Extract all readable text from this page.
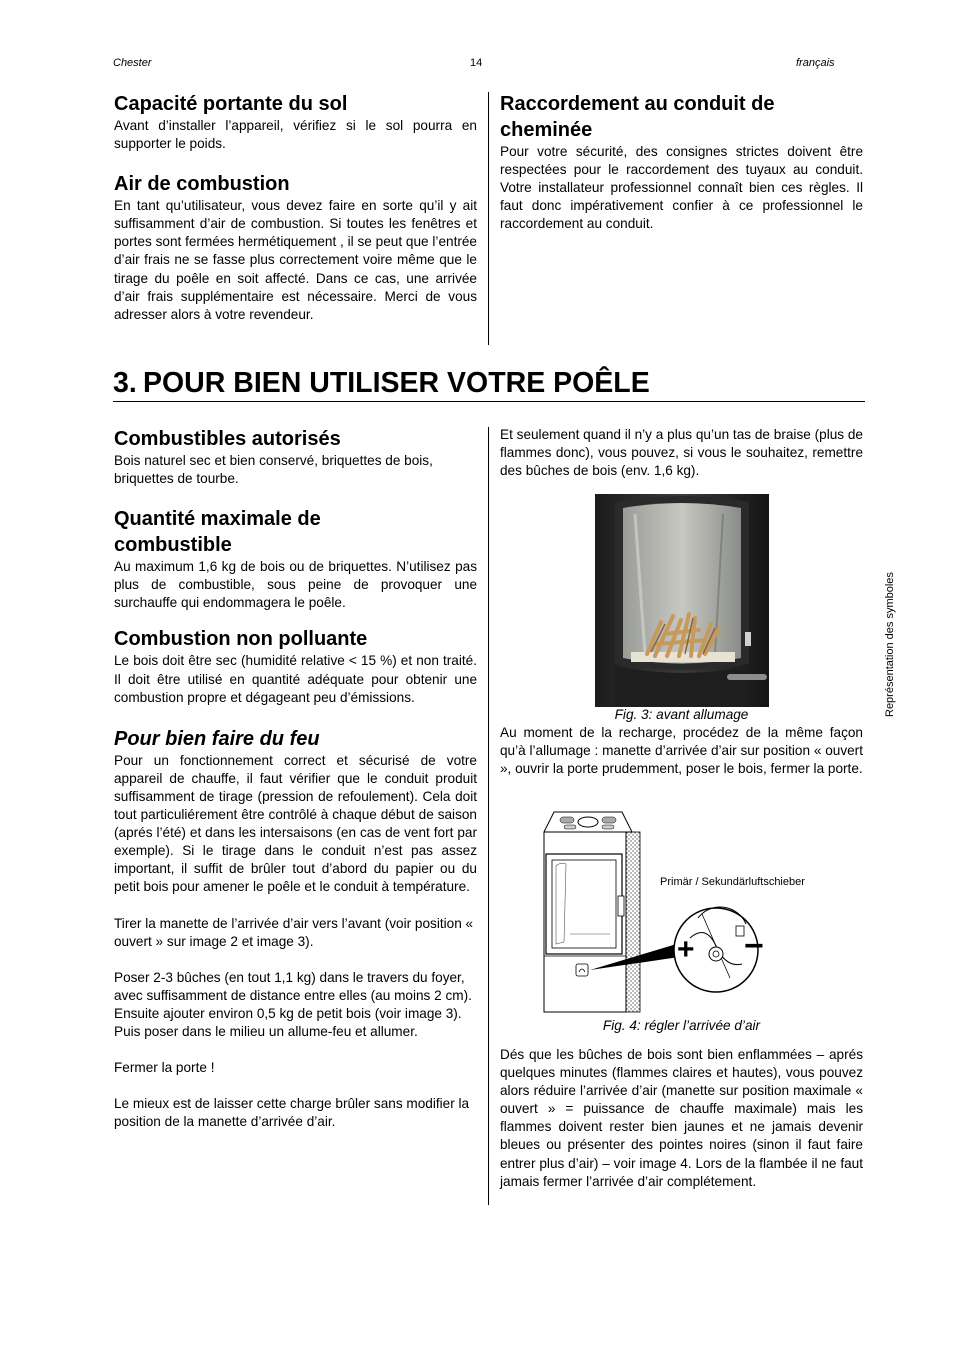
Chester	14	français
Représentation des symboles
Capacité portante du sol

Avant d’installer l’appareil, vérifiez si le sol pourra en supporter le poids.

Air de combustion

En tant qu’utilisateur, vous devez faire en sorte qu’il y ait suffisamment d’air de combustion. Si toutes les fenêtres et portes sont fermées hermétiquement , il se peut que l’entrée d’air frais ne se fasse plus correctement voire même que le tirage du poêle en soit affecté. Dans ce cas, une arrivée d’air frais supplémentaire est nécessaire. Merci de vous adresser alors à votre revendeur.

Raccordement au conduit de cheminée

Pour votre sécurité, des consignes strictes doivent être respectées pour le raccordement des tuyaux au conduit. Votre installateur professionnel connaît bien ces règles. Il faut donc impérativement confier à ce professionnel le raccordement au conduit.

3. POUR BIEN UTILISER VOTRE POÊLE
Combustibles autorisés

Bois naturel sec et bien conservé, briquettes de bois, briquettes de tourbe.

Quantité maximale de combustible

Au maximum 1,6 kg de bois ou de briquettes. N’utilisez pas plus de combustible, sous peine de provoquer une surchauffe qui endommagera le poêle.

Combustion non polluante

Le bois doit être sec (humidité relative < 15 %) et non traité. Il doit être utilisé en quantité adéquate pour obtenir une combustion propre et dégageant peu d’émissions.

Pour bien faire du feu

Pour un fonctionnement correct et sécurisé de votre appareil de chauffe, il faut vérifier que le conduit produit suffisamment de tirage (pression de refoulement). Cela doit tout particuliérement être contrôlé à chaque début de saison (aprés l’été) et dans les intersaisons (en cas de vent fort par exemple). Si le tirage dans le conduit n’est pas assez important, il suffit de brûler tout d’abord du papier ou du petit bois pour amener le poêle et le conduit à température.

Tirer la manette de l’arrivée d’air vers l’avant (voir position « ouvert » sur image 2 et image 3).

Poser 2-3 bûches (en tout 1,1 kg) dans le travers du foyer, avec suffisamment de distance entre elles (au moins 2 cm). Ensuite ajouter environ 0,5 kg de petit bois (voir image 3). Puis poser dans le milieu un allume-feu et allumer.

Fermer la porte !

Le mieux est de laisser cette charge brûler sans modifier la position de la manette d’arrivée d’air.

Et seulement quand il n’y a plus qu’un tas de braise (plus de flammes donc), vous pouvez, si vous le souhaitez, remettre des bûches de bois (env. 1,6 kg).

Fig. 3: avant allumage

Au moment de la recharge, procédez de la même façon qu’à l’allumage : manette d’arrivée d’air sur position « ouvert », ouvrir la porte prudemment, poser le bois, fermer la porte.

+ −
Primär / Sekundärluftschieber
Fig. 4: régler l’arrivée d’air

Dés que les bûches de bois sont bien enflammées – aprés quelques minutes (flammes claires et hautes), vous pouvez alors réduire l’arrivée d’air (manette sur position maximale « ouvert » = puissance de chauffe maximale) mais les flammes doivent rester bien jaunes et ne jamais devenir bleues ou présenter des pointes noires (sinon il faut faire entrer plus d’air) – voir image 4. Lors de la flambée il ne faut jamais fermer l’arrivée d’air complétement.
